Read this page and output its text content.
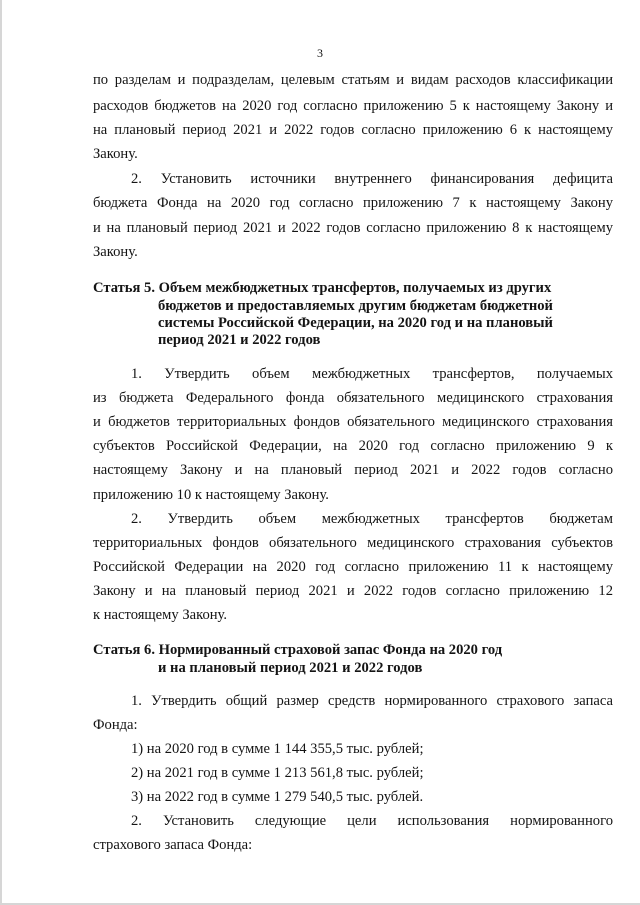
3
по разделам и подразделам, целевым статьям и видам расходов классификации
расходов бюджетов на 2020 год согласно приложению 5 к настоящему Закону и
на плановый период 2021 и 2022 годов согласно приложению 6 к настоящему
Закону.
2. Установить источники внутреннего финансирования дефицита
бюджета Фонда на 2020 год согласно приложению 7 к настоящему Закону
и на плановый период 2021 и 2022 годов согласно приложению 8 к настоящему
Закону.
Статья 5. Объем межбюджетных трансфертов, получаемых из других
бюджетов и предоставляемых другим бюджетам бюджетной
системы Российской Федерации, на 2020 год и на плановый
период 2021 и 2022 годов
1. Утвердить объем межбюджетных трансфертов, получаемых
из бюджета Федерального фонда обязательного медицинского страхования
и бюджетов территориальных фондов обязательного медицинского страхования
субъектов Российской Федерации, на 2020 год согласно приложению 9 к
настоящему Закону и на плановый период 2021 и 2022 годов согласно
приложению 10 к настоящему Закону.
2. Утвердить объем межбюджетных трансфертов бюджетам
территориальных фондов обязательного медицинского страхования субъектов
Российской Федерации на 2020 год согласно приложению 11 к настоящему
Закону и на плановый период 2021 и 2022 годов согласно приложению 12
к настоящему Закону.
Статья 6. Нормированный страховой запас Фонда на 2020 год
и на плановый период 2021 и 2022 годов
1. Утвердить общий размер средств нормированного страхового запаса
Фонда:
1) на 2020 год в сумме 1 144 355,5 тыс. рублей;
2) на 2021 год в сумме 1 213 561,8 тыс. рублей;
3) на 2022 год в сумме 1 279 540,5 тыс. рублей.
2. Установить следующие цели использования нормированного
страхового запаса Фонда:
